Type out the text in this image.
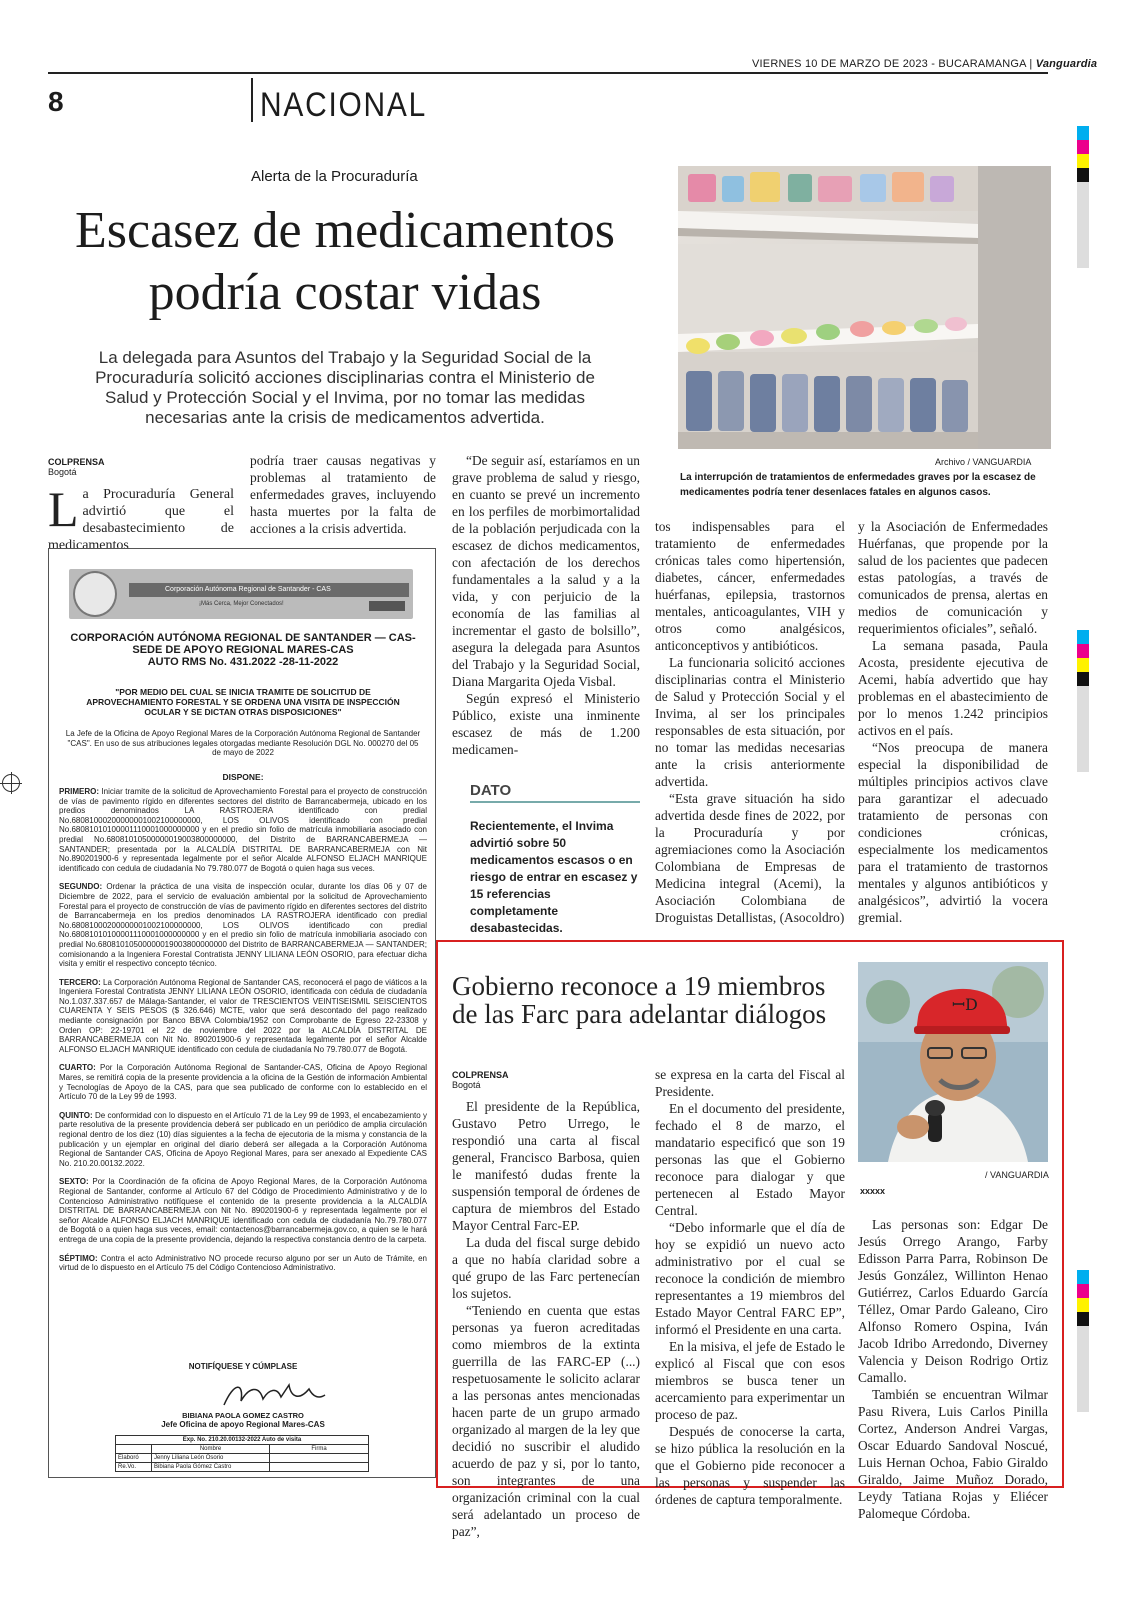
VIERNES 10 DE MARZO DE 2023 - BUCARAMANGA | Vanguardia
8	NACIONAL
Alerta de la Procuraduría
Escasez de medicamentos
podría costar vidas
La delegada para Asuntos del Trabajo y la Seguridad Social de la Procuraduría solicitó acciones disciplinarias contra el Ministerio de Salud y Protección Social y el Invima, por no tomar las medidas necesarias ante la crisis de medicamentos advertida.
Archivo / VANGUARDIA
La interrupción de tratamientos de enfermedades graves por la escasez de medicamentes podría tener desenlaces fatales en algunos casos.
COLPRENSA
Bogotá
La Procuraduría General advirtió que el desabastecimiento de medicamentos

podría traer causas negativas y problemas al tratamiento de enfermedades graves, incluyendo hasta muertes por la falta de acciones a la crisis advertida.

“De seguir así, estaríamos en un grave problema de salud y riesgo, en cuanto se prevé un incremento en los perfiles de morbimortalidad de la población perjudicada con la escasez de dichos medicamentos, con afectación de los derechos fundamentales a la salud y a la vida, y con perjuicio de la economía de las familias al incrementar el gasto de bolsillo”, asegura la delegada para Asuntos del Trabajo y la Seguridad Social, Diana Margarita Ojeda Visbal.

Según expresó el Ministerio Público, existe una inminente escasez de más de 1.200 medicamen-

DATO
Recientemente, el Invima advirtió sobre 50 medicamentos escasos o en riesgo de entrar en escasez y 15 referencias completamente desabastecidas.

tos indispensables para el tratamiento de enfermedades crónicas tales como hipertensión, diabetes, cáncer, enfermedades huérfanas, epilepsia, trastornos mentales, anticoagulantes, VIH y otros como analgésicos, anticonceptivos y antibióticos.

La funcionaria solicitó acciones disciplinarias contra el Ministerio de Salud y Protección Social y el Invima, al ser los principales responsables de esta situación, por no tomar las medidas necesarias ante la crisis anteriormente advertida.

“Esta grave situación ha sido advertida desde fines de 2022, por la Procuraduría y por agremiaciones como la Asociación Colombiana de Empresas de Medicina integral (Acemi), la Asociación Colombiana de Droguistas Detallistas, (Asocoldro)

y la Asociación de Enfermedades Huérfanas, que propende por la salud de los pacientes que padecen estas patologías, a través de comunicados de prensa, alertas en medios de comunicación y requerimientos oficiales”, señaló.

La semana pasada, Paula Acosta, presidente ejecutiva de Acemi, había advertido que hay problemas en el abastecimiento de por lo menos 1.242 principios activos en el país.

“Nos preocupa de manera especial la disponibilidad de múltiples principios activos clave para garantizar el adecuado tratamiento de personas con condiciones crónicas, especialmente los medicamentos para el tratamiento de trastornos mentales y algunos antibióticos y analgésicos”, advirtió la vocera gremial.

Corporación Autónoma Regional de Santander - CAS
¡Más Cerca, Mejor Conectados!
CORPORACIÓN AUTÓNOMA REGIONAL DE SANTANDER — CAS-
SEDE DE APOYO REGIONAL MARES-CAS
AUTO RMS No. 431.2022 -28-11-2022
"POR MEDIO DEL CUAL SE INICIA TRAMITE DE SOLICITUD DE APROVECHAMIENTO FORESTAL Y SE ORDENA UNA VISITA DE INSPECCIÓN OCULAR Y SE DICTAN OTRAS DISPOSICIONES"
La Jefe de la Oficina de Apoyo Regional Mares de la Corporación Autónoma Regional de Santander "CAS". En uso de sus atribuciones legales otorgadas mediante Resolución DGL No. 000270 del 05 de mayo de 2022
DISPONE:
PRIMERO: Iniciar tramite de la solicitud de Aprovechamiento Forestal para el proyecto de construcción de vías de pavimento rígido en diferentes sectores del distrito de Barrancabermeja, ubicado en los predios denominados LA RASTROJERA identificado con predial No.68081000200000001002100000000, LOS OLIVOS identificado con predial No.68081010100001110001000000000 y en el predio sin folio de matrícula inmobiliaria asociado con predial No.68081010500000019003800000000, del Distrito de BARRANCABERMEJA — SANTANDER; presentada por la ALCALDÍA DISTRITAL DE BARRANCABERMEJA con Nit No.890201900-6 y representada legalmente por el señor Alcalde ALFONSO ELJACH MANRIQUE identificado con cedula de ciudadanía No 79.780.077 de Bogotá o quien haga sus veces.
SEGUNDO: Ordenar la práctica de una visita de inspección ocular, durante los días 06 y 07 de Diciembre de 2022, para el servicio de evaluación ambiental por la solicitud de Aprovechamiento Forestal para el proyecto de construcción de vías de pavimento rígido en diferentes sectores del distrito de Barrancabermeja en los predios denominados LA RASTROJERA identificado con predial No.68081000200000001002100000000, LOS OLIVOS identificado con predial No.68081010100001110001000000000 y en el predio sin folio de matrícula inmobiliaria asociado con predial No.68081010500000019003800000000 del Distrito de BARRANCABERMEJA — SANTANDER; comisionando a la Ingeniera Forestal Contratista JENNY LILIANA LEÓN OSORIO, para efectuar dicha visita y emitir el respectivo concepto técnico.
TERCERO: La Corporación Autónoma Regional de Santander CAS, reconocerá el pago de viáticos a la Ingeniera Forestal Contratista JENNY LILIANA LEÓN OSORIO, identificada con cédula de ciudadanía No.1.037.337.657 de Málaga-Santander, el valor de TRESCIENTOS VEINTISEISMIL SEISCIENTOS CUARENTA Y SEIS PESOS ($ 326.646) MCTE, valor que será descontado del pago realizado mediante consignación por Banco BBVA Colombia/1952 con Comprobante de Egreso 22-23308 y Orden OP: 22-19701 el 22 de noviembre del 2022 por la ALCALDÍA DISTRITAL DE BARRANCABERMEJA con Nit No. 890201900-6 y representada legalmente por el señor Alcalde ALFONSO ELJACH MANRIQUE identificado con cedula de ciudadanía No 79.780.077 de Bogotá.
CUARTO: Por la Corporación Autónoma Regional de Santander-CAS, Oficina de Apoyo Regional Mares, se remitirá copia de la presente providencia a la oficina de la Gestión de información Ambiental y Tecnologías de Apoyo de la CAS, para que sea publicado de conforme con lo establecido en el Artículo 70 de la Ley 99 de 1993.
QUINTO: De conformidad con lo dispuesto en el Artículo 71 de la Ley 99 de 1993, el encabezamiento y parte resolutiva de la presente providencia deberá ser publicado en un periódico de amplia circulación regional dentro de los diez (10) días siguientes a la fecha de ejecutoria de la misma y constancia de la publicación y un ejemplar en original del diario deberá ser allegada a la Corporación Autónoma Regional de Santander CAS, Oficina de Apoyo Regional Mares, para ser anexado al Expediente CAS No. 210.20.00132.2022.
SEXTO: Por la Coordinación de fa oficina de Apoyo Regional Mares, de la Corporación Autónoma Regional de Santander, conforme al Artículo 67 del Código de Procedimiento Administrativo y de lo Contencioso Administrativo notifíquese el contenido de la presente providencia a la ALCALDÍA DISTRITAL DE BARRANCABERMEJA con Nit No. 890201900-6 y representada legalmente por el señor Alcalde ALFONSO ELJACH MANRIQUE identificado con cedula de ciudadanía No.79.780.077 de Bogotá o a quien haga sus veces, email: contactenos@barrancabermeja.gov.co, a quien se le hará entrega de una copia de la presente providencia, dejando la respectiva constancia dentro de la carpeta.
SÉPTIMO: Contra el acto Administrativo NO procede recurso alguno por ser un Auto de Trámite, en virtud de lo dispuesto en el Artículo 75 del Código Contencioso Administrativo.
NOTIFÍQUESE Y CÚMPLASE
BIBIANA PAOLA GOMEZ CASTRO
Jefe Oficina de apoyo Regional Mares-CAS
Exp. No. 210.20.00132-2022 Auto de visita
Nombre	Firma
Elaboró	Jenny Liliana León Osorio
Re.Vo.	Bibiana Paola Gómez Castro
Gobierno reconoce a 19 miembros
de las Farc para adelantar diálogos
COLPRENSA
Bogotá

El presidente de la República, Gustavo Petro Urrego, le respondió una carta al fiscal general, Francisco Barbosa, quien le manifestó dudas frente la suspensión temporal de órdenes de captura de miembros del Estado Mayor Central Farc-EP.

La duda del fiscal surge debido a que no había claridad sobre a qué grupo de las Farc pertenecían los sujetos.

“Teniendo en cuenta que estas personas ya fueron acreditadas como miembros de la extinta guerrilla de las FARC-EP (...) respetuosamente le solicito aclarar a las personas antes mencionadas hacen parte de un grupo armado organizado al margen de la ley que decidió no suscribir el aludido acuerdo de paz y si, por lo tanto, son integrantes de una organización criminal con la cual será adelantado un proceso de paz”,

se expresa en la carta del Fiscal al Presidente.

En el documento del presidente, fechado el 8 de marzo, el mandatario especificó que son 19 personas las que el Gobierno reconoce para dialogar y que pertenecen al Estado Mayor Central.

“Debo informarle que el día de hoy se expidió un nuevo acto administrativo por el cual se reconoce la condición de miembro representantes a 19 miembros del Estado Mayor Central FARC EP”, informó el Presidente en una carta.

En la misiva, el jefe de Estado le explicó al Fiscal que con esos miembros se busca tener un acercamiento para experimentar un proceso de paz.

Después de conocerse la carta, se hizo pública la resolución en la que el Gobierno pide reconocer a las personas y suspender las órdenes de captura temporalmente.

ꟷD
/ VANGUARDIA
xxxxx

Las personas son: Edgar De Jesús Orrego Arango, Farby Edisson Parra Parra, Robinson De Jesús González, Willinton Henao Gutiérrez, Carlos Eduardo García Téllez, Omar Pardo Galeano, Ciro Alfonso Romero Ospina, Iván Jacob Idribo Arredondo, Diverney Valencia y Deison Rodrigo Ortiz Camallo.

También se encuentran Wilmar Pasu Rivera, Luis Carlos Pinilla Cortez, Anderson Andrei Vargas, Oscar Eduardo Sandoval Noscué, Luis Hernan Ochoa, Fabio Giraldo Giraldo, Jaime Muñoz Dorado, Leydy Tatiana Rojas y Eliécer Palomeque Córdoba.
